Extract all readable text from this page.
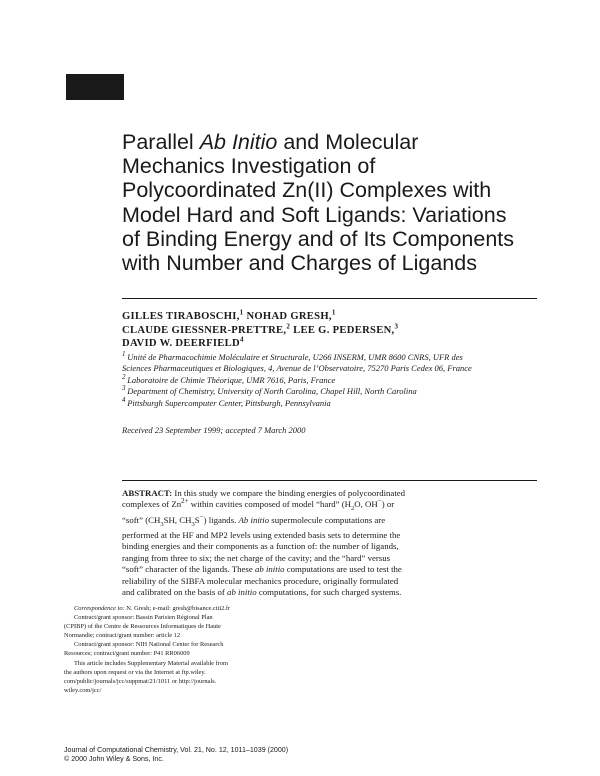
Parallel Ab Initio and Molecular
Mechanics Investigation of
Polycoordinated Zn(II) Complexes with
Model Hard and Soft Ligands: Variations
of Binding Energy and of Its Components
with Number and Charges of Ligands
GILLES TIRABOSCHI,$^1$ NOHAD GRESH,$^1$
CLAUDE GIESSNER-PRETTRE,$^2$ LEE G. PEDERSEN,$^3$
DAVID W. DEERFIELD$^4$
$^1$  Unité de Pharmacochimie Moléculaire et Structurale, U266 INSERM, UMR 8600 CNRS, UFR des
Sciences Pharmaceutiques et Biologiques, 4, Avenue de l’Observatoire, 75270 Paris Cedex 06, France
$^2$  Laboratoire de Chimie Théorique, UMR 7616, Paris, France
$^3$  Department of Chemistry, University of North Carolina, Chapel Hill, North Carolina
$^4$  Pittsburgh Supercomputer Center, Pittsburgh, Pennsylvania
Received 23 September 1999; accepted 7 March 2000
ABSTRACT: In this study we compare the binding energies of polycoordinated
complexes of $Zn^{2+}$ within cavities composed of model “hard” ($H_2O$, OH−) or
“soft” ($CH_3SH$, $CH_3S^-$) ligands. Ab initio supermolecule computations are
performed at the HF and MP2 levels using extended basis sets to determine the
binding energies and their components as a function of: the number of ligands,
ranging from three to six; the net charge of the cavity; and the “hard” versus
“soft” character of the ligands. These ab initio computations are used to test the
reliability of the SIBFA molecular mechanics procedure, originally formulated
and calibrated on the basis of ab initio computations, for such charged systems.
Correspondence to: N. Gresh; e-mail: gresh@bisance.citi2.fr
Contract/grant sponsor: Bassin Parisien Régional Plan
(CPIBP) of the Centre de Ressources Informatiques de Haute
Normandie; contract/grant number: article 12
Contract/grant sponsor: NIH National Center for Research
Resources; contract/grant number: P41 RR06009
This article includes Supplementary Material available from
the authors upon request or via the Internet at ftp.wiley.
com/public/journals/jcc/suppmat/21/1011 or http://journals.
wiley.com/jcc/
Journal of Computational Chemistry, Vol. 21, No. 12, 1011–1039 (2000)
© 2000 John Wiley & Sons, Inc.
